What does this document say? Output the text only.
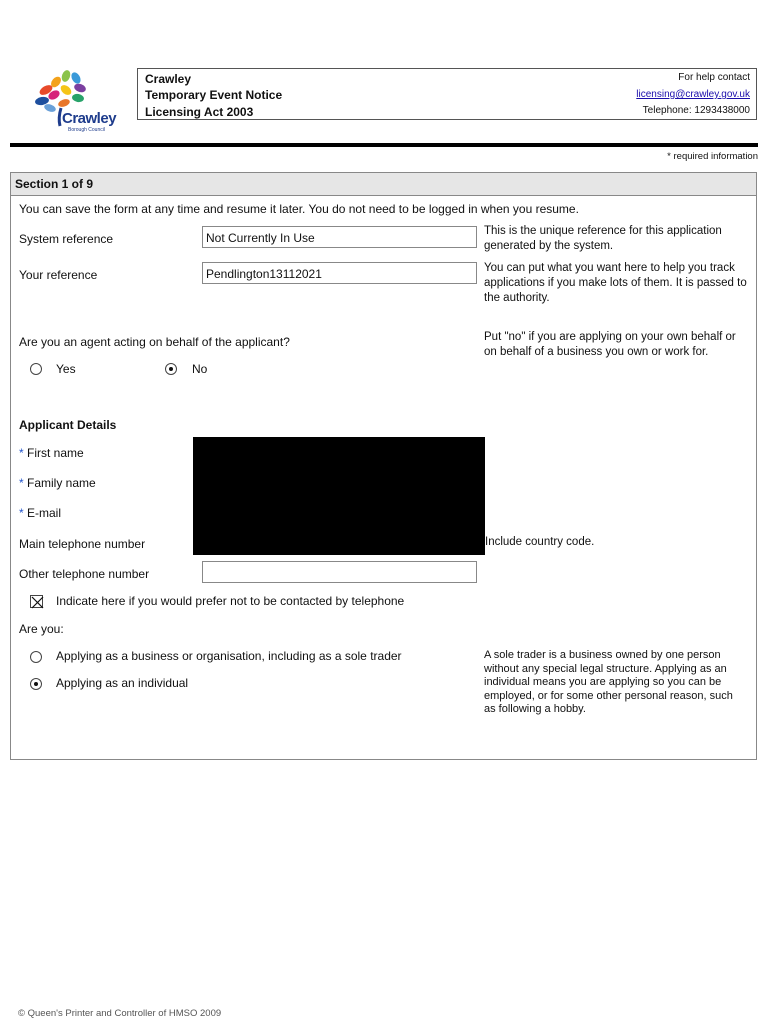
Crawley
Borough Council
Crawley
Temporary Event Notice
Licensing Act 2003
For help contact
licensing@crawley.gov.uk
Telephone: 1293438000
* required information
Section 1 of 9
You can save the form at any time and resume it later. You do not need to be logged in when you resume.
System reference	Not Currently In Use	This is the unique reference for this application generated by the system.
Your reference	Pendlington13112021	You can put what you want here to help you track applications if you make lots of them. It is passed to the authority.
Are you an agent acting on behalf of the applicant?	Put "no" if you are applying on your own behalf or on behalf of a business you own or work for.
Yes	No
Applicant Details
* First name
* Family name
* E-mail
Main telephone number	Include country code.
Other telephone number
Indicate here if you would prefer not to be contacted by telephone
Are you:
Applying as a business or organisation, including as a sole trader
Applying as an individual
A sole trader is a business owned by one person without any special legal structure. Applying as an individual means you are applying so you can be employed, or for some other personal reason, such as following a hobby.
© Queen's Printer and Controller of HMSO 2009
